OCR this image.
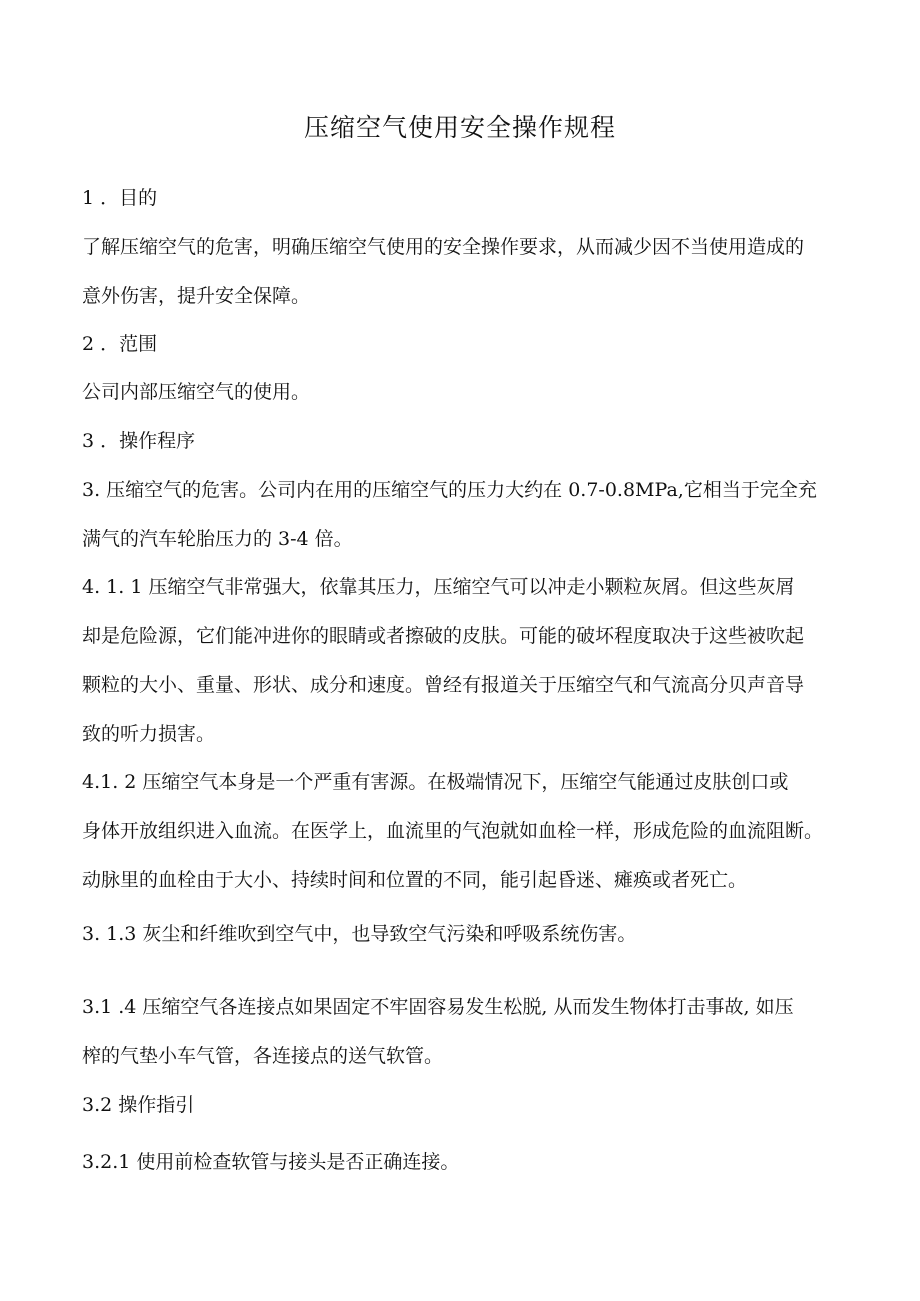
压缩空气使用安全操作规程
1 ．目的
了解压缩空气的危害，明确压缩空气使用的安全操作要求，从而减少因不当使用造成的
意外伤害，提升安全保障。
2 ．范围
公司内部压缩空气的使用。
3 ．操作程序
3. 压缩空气的危害。公司内在用的压缩空气的压力大约在 0.7-0.8MPa,它相当于完全充
满气的汽车轮胎压力的 3-4 倍。
4. 1. 1 压缩空气非常强大，依靠其压力，压缩空气可以冲走小颗粒灰屑。但这些灰屑
却是危险源，它们能冲进你的眼睛或者擦破的皮肤。可能的破坏程度取决于这些被吹起
颗粒的大小、重量、形状、成分和速度。曾经有报道关于压缩空气和气流高分贝声音导
致的听力损害。
4.1. 2 压缩空气本身是一个严重有害源。在极端情况下，压缩空气能通过皮肤创口或
身体开放组织进入血流。在医学上，血流里的气泡就如血栓一样，形成危险的血流阻断。
动脉里的血栓由于大小、持续时间和位置的不同，能引起昏迷、瘫痪或者死亡。
3. 1.3 灰尘和纤维吹到空气中，也导致空气污染和呼吸系统伤害。
3.1 .4 压缩空气各连接点如果固定不牢固容易发生松脱, 从而发生物体打击事故, 如压
榨的气垫小车气管，各连接点的送气软管。
3.2 操作指引
3.2.1 使用前检查软管与接头是否正确连接。
